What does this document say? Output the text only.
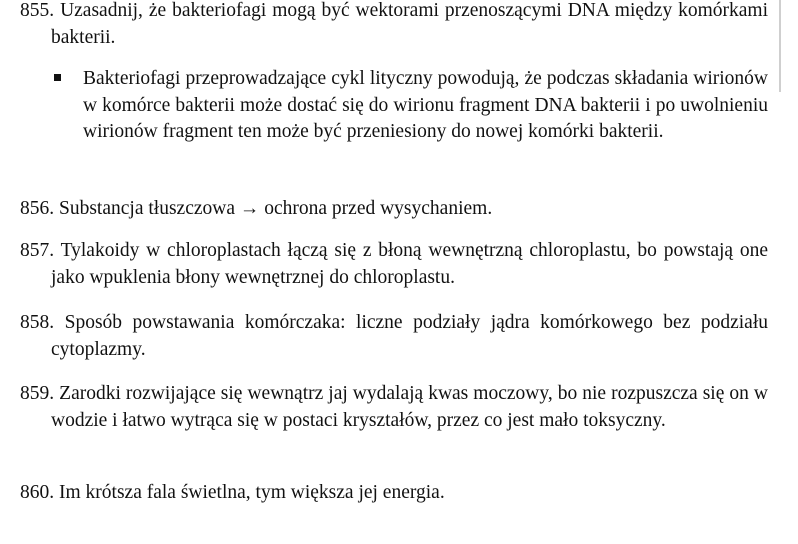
855. Uzasadnij, że bakteriofagi mogą być wektorami przenoszącymi DNA między komórkami bakterii.

Bakteriofagi przeprowadzające cykl lityczny powodują, że podczas składania wirionów w komórce bakterii może dostać się do wirionu fragment DNA bakterii i po uwolnieniu wirionów fragment ten może być przeniesiony do nowej komórki bakterii.

856. Substancja tłuszczowa → ochrona przed wysychaniem.

857. Tylakoidy w chloroplastach łączą się z błoną wewnętrzną chloroplastu, bo powstają one jako wpuklenia błony wewnętrznej do chloroplastu.

858. Sposób powstawania komórczaka: liczne podziały jądra komórkowego bez podziału cytoplazmy.

859. Zarodki rozwijające się wewnątrz jaj wydalają kwas moczowy, bo nie rozpuszcza się on w wodzie i łatwo wytrąca się w postaci kryształów, przez co jest mało toksyczny.

860. Im krótsza fala świetlna, tym większa jej energia.
